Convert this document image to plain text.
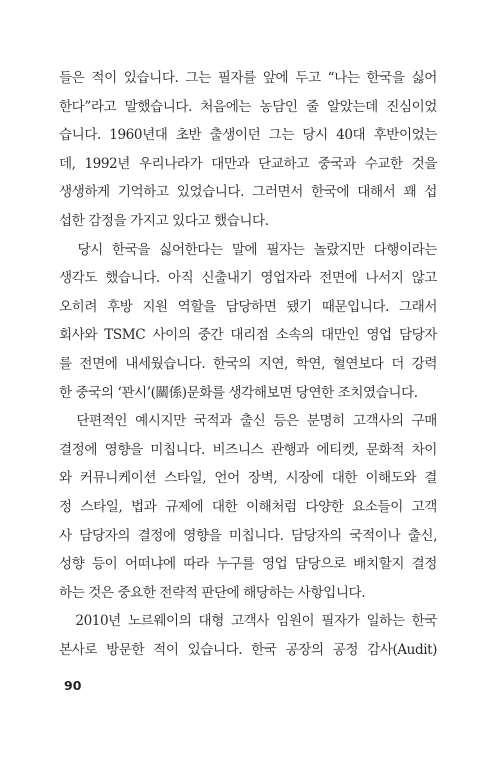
들은 적이 있습니다. 그는 필자를 앞에 두고 “나는 한국을 싫어
한다”라고 말했습니다. 처음에는 농담인 줄 알았는데 진심이었
습니다. 1960년대 초반 출생이던 그는 당시 40대 후반이었는
데, 1992년 우리나라가 대만과 단교하고 중국과 수교한 것을
생생하게 기억하고 있었습니다. 그러면서 한국에 대해서 꽤 섭
섭한 감정을 가지고 있다고 했습니다.
　당시 한국을 싫어한다는 말에 필자는 놀랐지만 다행이라는
생각도 했습니다. 아직 신출내기 영업자라 전면에 나서지 않고
오히려 후방 지원 역할을 담당하면 됐기 때문입니다. 그래서
회사와 TSMC 사이의 중간 대리점 소속의 대만인 영업 담당자
를 전면에 내세웠습니다. 한국의 지연, 학연, 혈연보다 더 강력
한 중국의 ‘꽌시’(關係)문화를 생각해보면 당연한 조치였습니다.
　단편적인 예시지만 국적과 출신 등은 분명히 고객사의 구매
결정에 영향을 미칩니다. 비즈니스 관행과 에티켓, 문화적 차이
와 커뮤니케이션 스타일, 언어 장벽, 시장에 대한 이해도와 결
정 스타일, 법과 규제에 대한 이해처럼 다양한 요소들이 고객
사 담당자의 결정에 영향을 미칩니다. 담당자의 국적이나 출신,
성향 등이 어떠냐에 따라 누구를 영업 담당으로 배치할지 결정
하는 것은 중요한 전략적 판단에 해당하는 사항입니다.
　2010년 노르웨이의 대형 고객사 임원이 필자가 일하는 한국
본사로 방문한 적이 있습니다. 한국 공장의 공정 감사(Audit)
90
